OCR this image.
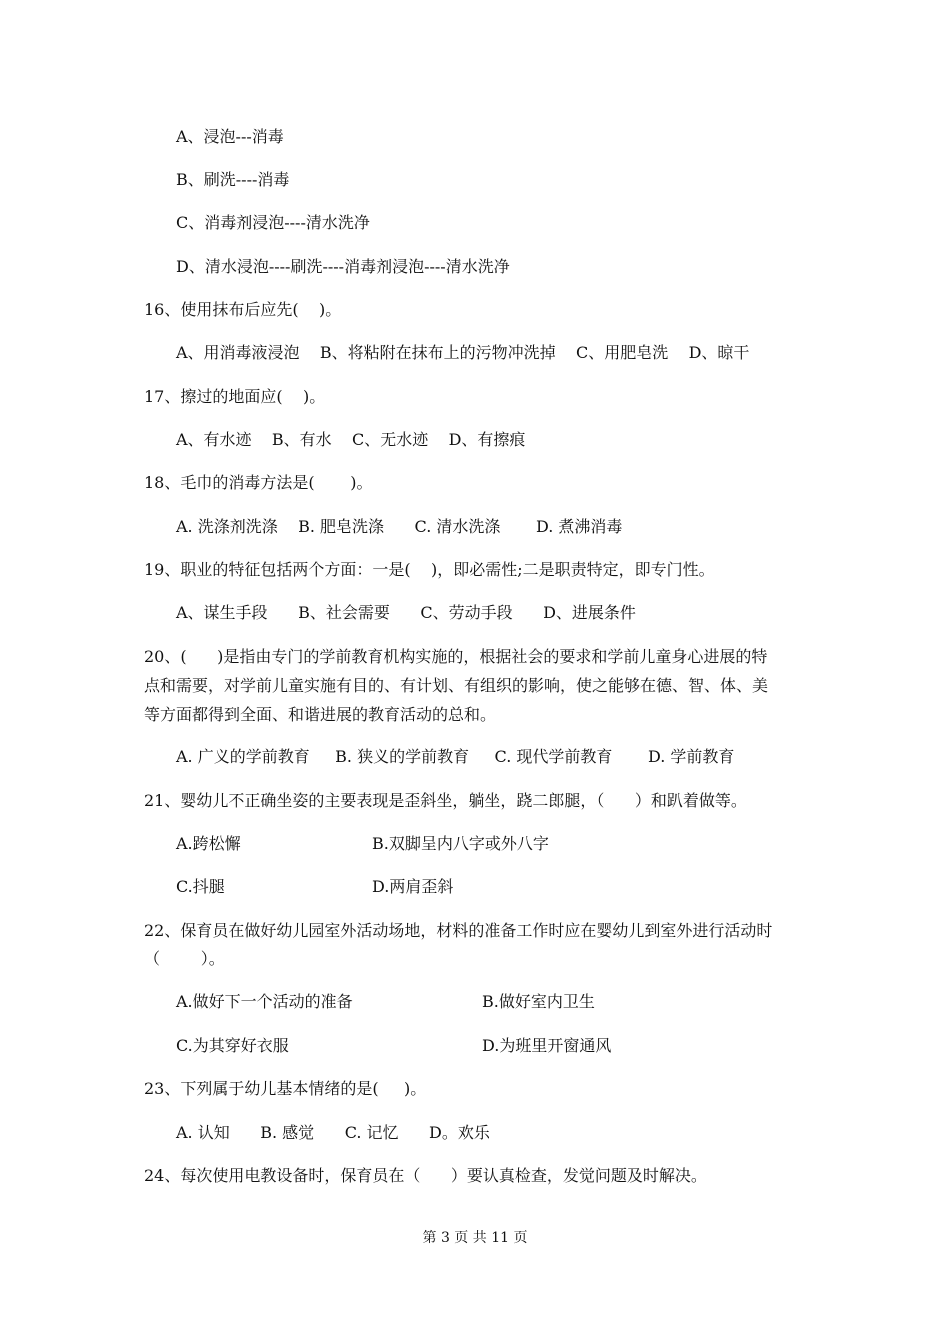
A、浸泡---消毒
B、刷洗----消毒
C、消毒剂浸泡----清水洗净
D、清水浸泡----刷洗----消毒剂浸泡----清水洗净
16、使用抹布后应先(    )。
A、用消毒液浸泡    B、将粘附在抹布上的污物冲洗掉    C、用肥皂洗    D、晾干
17、擦过的地面应(    )。
A、有水迹    B、有水    C、无水迹    D、有擦痕
18、毛巾的消毒方法是(       )。
A. 洗涤剂洗涤    B. 肥皂洗涤      C. 清水洗涤       D. 煮沸消毒
19、职业的特征包括两个方面：一是(    )，即必需性;二是职责特定，即专门性。
A、谋生手段      B、社会需要      C、劳动手段      D、进展条件
20、(      )是指由专门的学前教育机构实施的，根据社会的要求和学前儿童身心进展的特
点和需要，对学前儿童实施有目的、有计划、有组织的影响，使之能够在德、智、体、美
等方面都得到全面、和谐进展的教育活动的总和。
A. 广义的学前教育     B. 狭义的学前教育     C. 现代学前教育       D. 学前教育
21、婴幼儿不正确坐姿的主要表现是歪斜坐，躺坐，跷二郎腿，（      ）和趴着做等。
A.跨松懈	B.双脚呈内八字或外八字
C.抖腿	D.两肩歪斜
22、保育员在做好幼儿园室外活动场地，材料的准备工作时应在婴幼儿到室外进行活动时
（        ）。
A.做好下一个活动的准备	B.做好室内卫生
C.为其穿好衣服	D.为班里开窗通风
23、下列属于幼儿基本情绪的是(     )。
A. 认知      B. 感觉      C. 记忆      D。欢乐
24、每次使用电教设备时，保育员在（      ）要认真检查，发觉问题及时解决。
第 3 页 共 11 页
